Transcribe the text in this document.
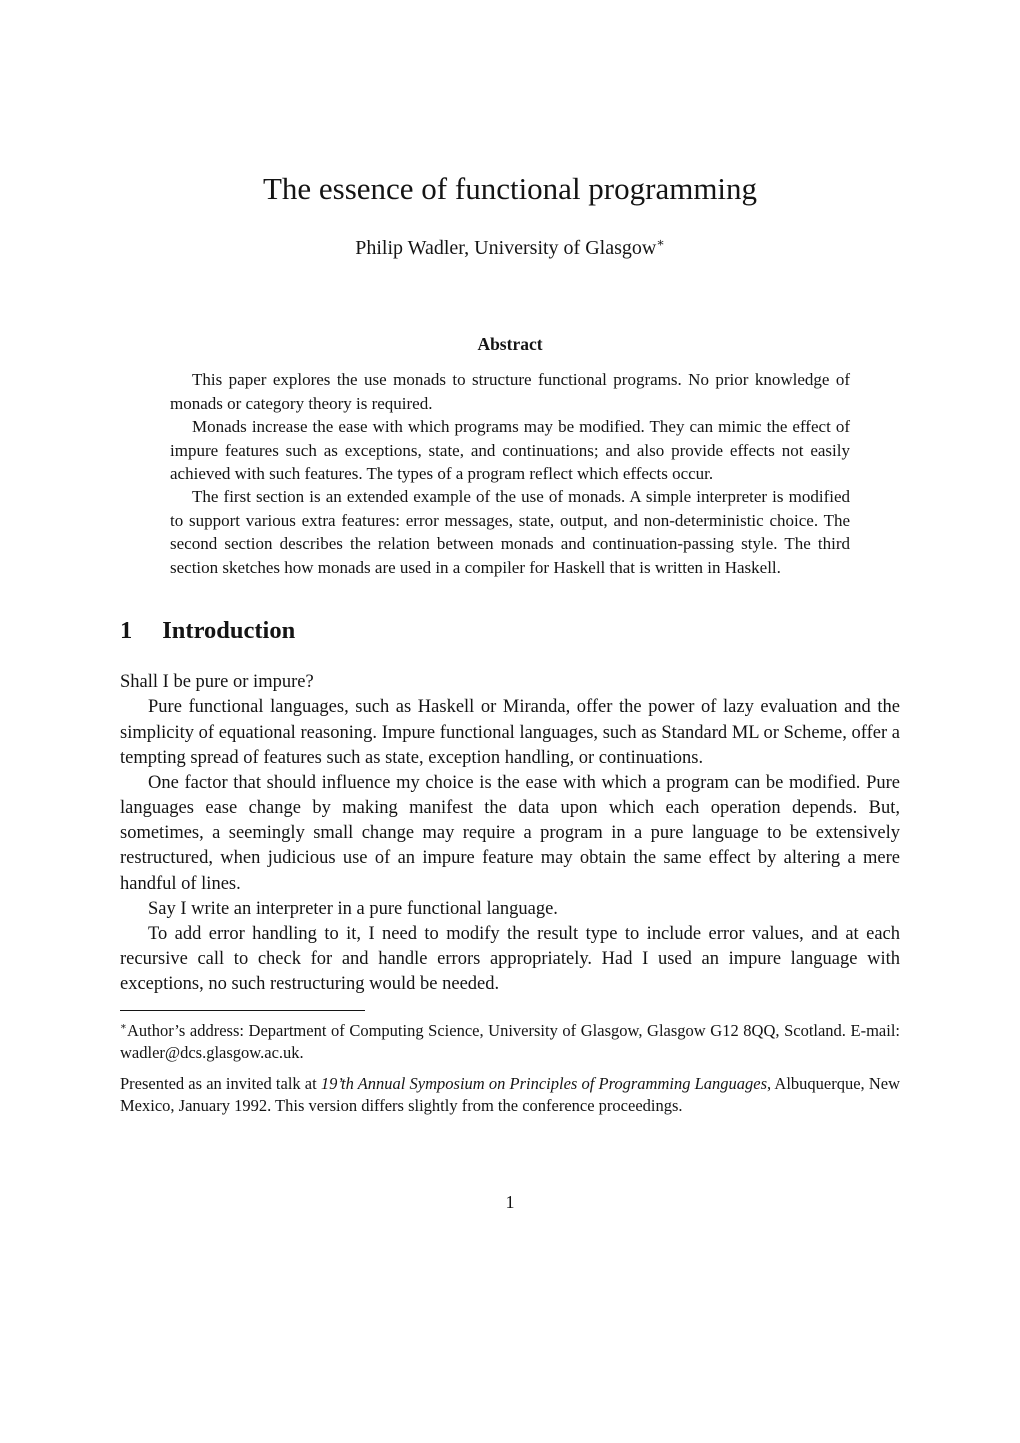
The essence of functional programming
Philip Wadler, University of Glasgow∗
Abstract

This paper explores the use monads to structure functional programs. No prior knowledge of monads or category theory is required.

Monads increase the ease with which programs may be modified. They can mimic the effect of impure features such as exceptions, state, and continuations; and also provide effects not easily achieved with such features. The types of a program reflect which effects occur.

The first section is an extended example of the use of monads. A simple interpreter is modified to support various extra features: error messages, state, output, and non-deterministic choice. The second section describes the relation between monads and continuation-passing style. The third section sketches how monads are used in a compiler for Haskell that is written in Haskell.

1 Introduction

Shall I be pure or impure?

Pure functional languages, such as Haskell or Miranda, offer the power of lazy evaluation and the simplicity of equational reasoning. Impure functional languages, such as Standard ML or Scheme, offer a tempting spread of features such as state, exception handling, or continuations.

One factor that should influence my choice is the ease with which a program can be modified. Pure languages ease change by making manifest the data upon which each operation depends. But, sometimes, a seemingly small change may require a program in a pure language to be extensively restructured, when judicious use of an impure feature may obtain the same effect by altering a mere handful of lines.

Say I write an interpreter in a pure functional language.

To add error handling to it, I need to modify the result type to include error values, and at each recursive call to check for and handle errors appropriately. Had I used an impure language with exceptions, no such restructuring would be needed.

∗Author’s address: Department of Computing Science, University of Glasgow, Glasgow G12 8QQ, Scotland. E-mail: wadler@dcs.glasgow.ac.uk.

Presented as an invited talk at 19’th Annual Symposium on Principles of Programming Languages, Albuquerque, New Mexico, January 1992. This version differs slightly from the conference proceedings.

1
